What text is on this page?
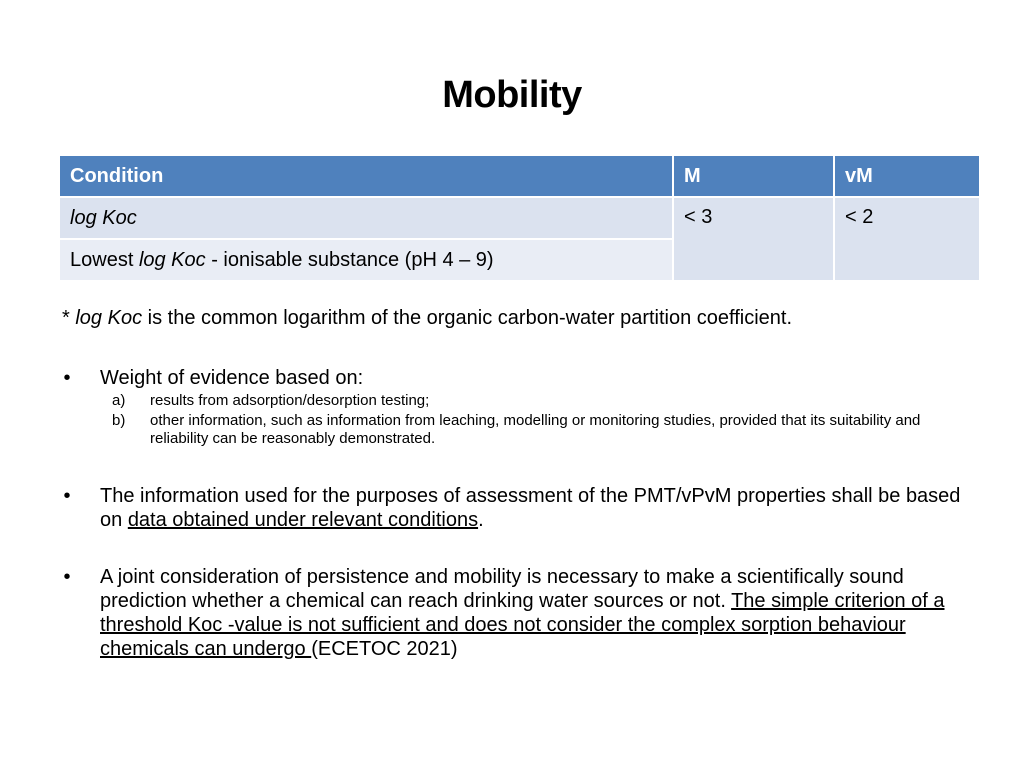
Mobility
Condition	M	vM
log Koc	< 3	< 2
Lowest log Koc - ionisable substance (pH 4 – 9)		
* log Koc is the common logarithm of the organic carbon-water partition coefficient.
• Weight of evidence based on:
a) results from adsorption/desorption testing;
b) other information, such as information from leaching, modelling or monitoring studies, provided that its suitability and reliability can be reasonably demonstrated.
• The information used for the purposes of assessment of the PMT/vPvM properties shall be based on data obtained under relevant conditions.
• A joint consideration of persistence and mobility is necessary to make a scientifically sound prediction whether a chemical can reach drinking water sources or not. The simple criterion of a threshold Koc -value is not sufficient and does not consider the complex sorption behaviour chemicals can undergo (ECETOC 2021)
